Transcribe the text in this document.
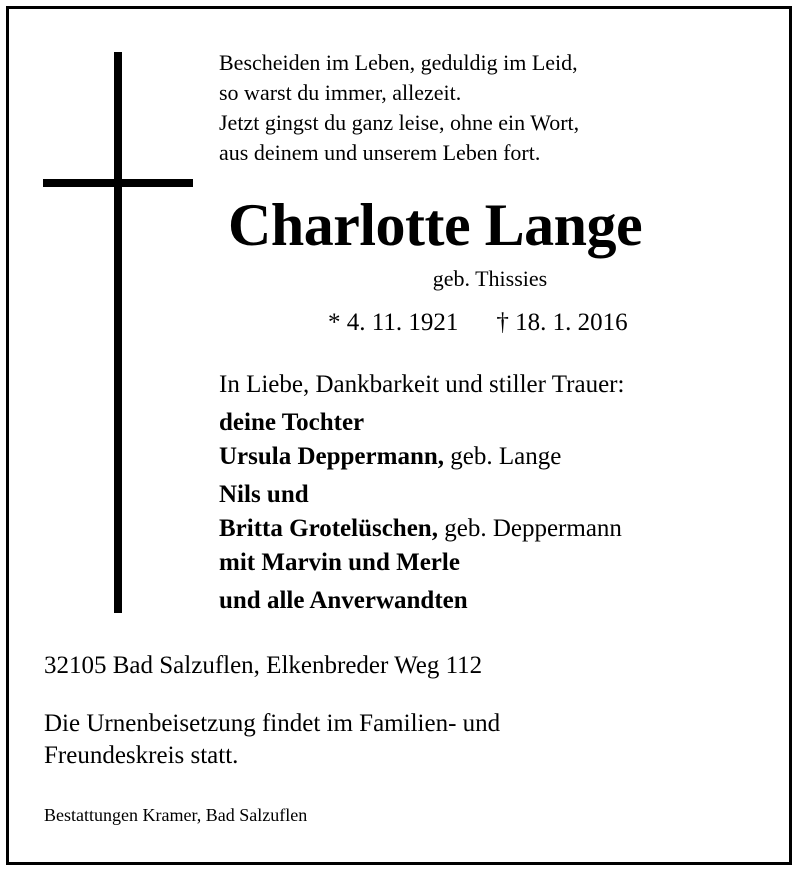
Bescheiden im Leben, geduldig im Leid,
so warst du immer, allezeit.
Jetzt gingst du ganz leise, ohne ein Wort,
aus deinem und unserem Leben fort.
Charlotte Lange
geb. Thissies
* 4. 11. 1921 † 18. 1. 2016
In Liebe, Dankbarkeit und stiller Trauer:
deine Tochter
Ursula Deppermann, geb. Lange
Nils und
Britta Grotelüschen, geb. Deppermann
mit Marvin und Merle
und alle Anverwandten
32105 Bad Salzuflen, Elkenbreder Weg 112
Die Urnenbeisetzung findet im Familien- und
Freundeskreis statt.
Bestattungen Kramer, Bad Salzuflen
